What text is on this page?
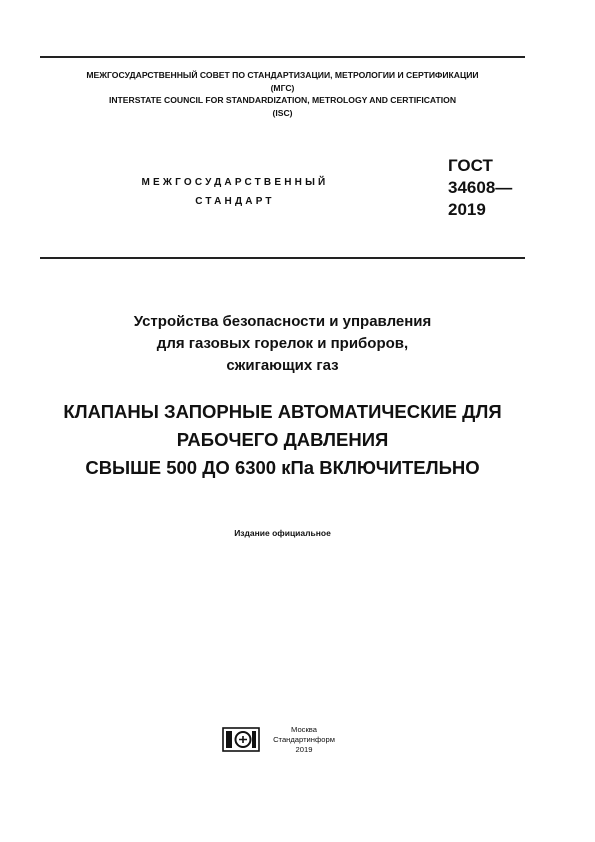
МЕЖГОСУДАРСТВЕННЫЙ СОВЕТ ПО СТАНДАРТИЗАЦИИ, МЕТРОЛОГИИ И СЕРТИФИКАЦИИ
(МГС)
INTERSTATE COUNCIL FOR STANDARDIZATION, METROLOGY AND CERTIFICATION
(ISC)
МЕЖГОСУДАРСТВЕННЫЙ
СТАНДАРТ
ГОСТ
34608—
2019
Устройства безопасности и управления
для газовых горелок и приборов,
сжигающих газ
КЛАПАНЫ ЗАПОРНЫЕ АВТОМАТИЧЕСКИЕ ДЛЯ
РАБОЧЕГО ДАВЛЕНИЯ
СВЫШЕ 500 ДО 6300 кПа ВКЛЮЧИТЕЛЬНО
Издание официальное
Москва
Стандартинформ
2019
